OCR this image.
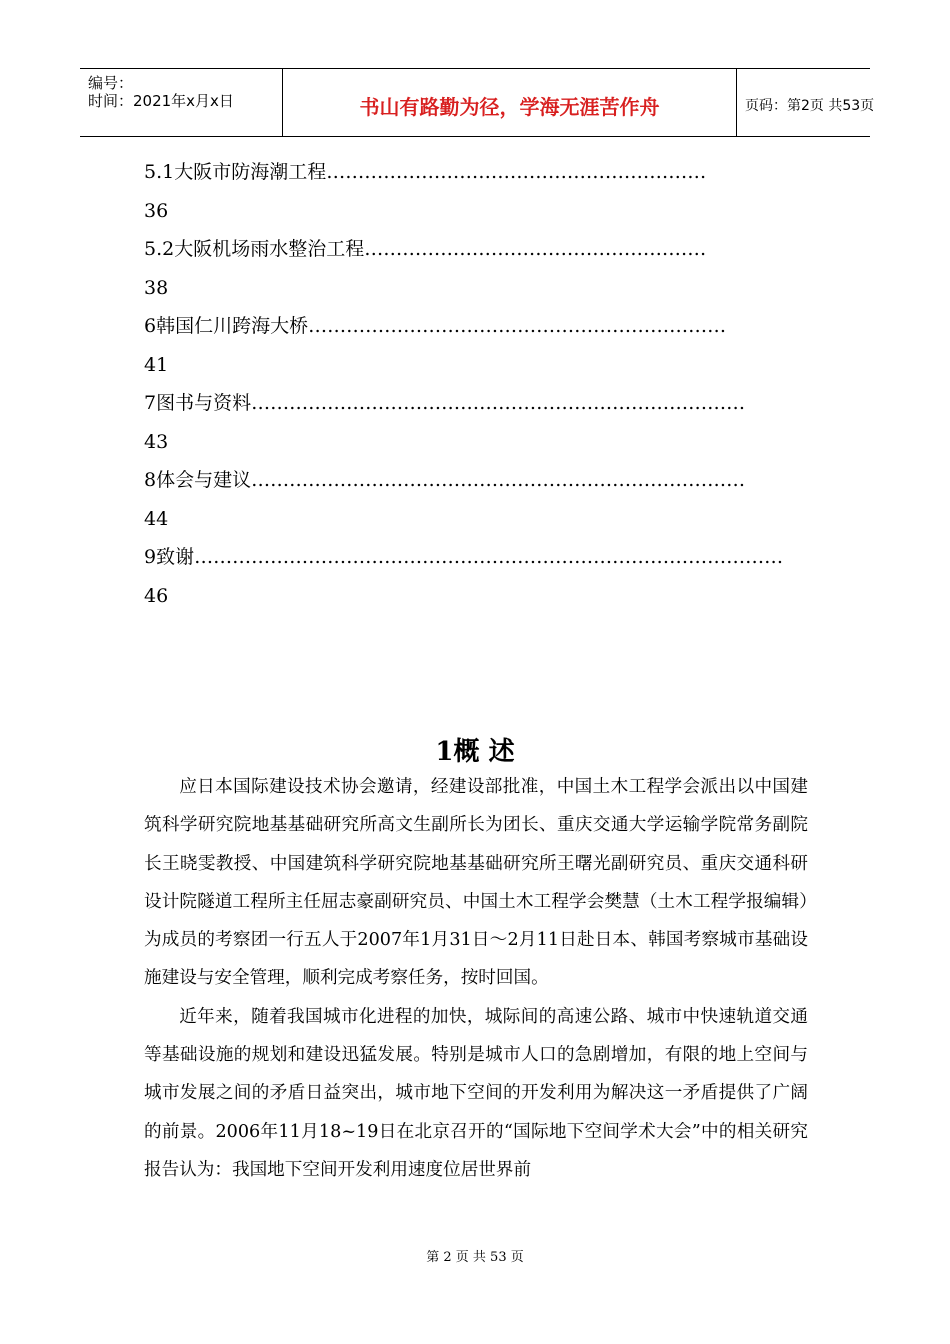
编号：
时间：2021年x月x日	书山有路勤为径，学海无涯苦作舟	页码：第2页 共53页
5.1大阪市防海潮工程……………………………………………………
36
5.2大阪机场雨水整治工程………………………………………………
38
6韩国仁川跨海大桥…………………………………………………………
41
7图书与资料……………………………………………………………………
43
8体会与建议……………………………………………………………………
44
9致谢…………………………………………………………………………………
46
1概 述

应日本国际建设技术协会邀请，经建设部批准，中国土木工程学会派出以中国建筑科学研究院地基基础研究所高文生副所长为团长、重庆交通大学运输学院常务副院长王晓雯教授、中国建筑科学研究院地基基础研究所王曙光副研究员、重庆交通科研设计院隧道工程所主任屈志豪副研究员、中国土木工程学会樊慧（土木工程学报编辑）为成员的考察团一行五人于2007年1月31日～2月11日赴日本、韩国考察城市基础设施建设与安全管理，顺利完成考察任务，按时回国。

近年来，随着我国城市化进程的加快，城际间的高速公路、城市中快速轨道交通等基础设施的规划和建设迅猛发展。特别是城市人口的急剧增加，有限的地上空间与城市发展之间的矛盾日益突出，城市地下空间的开发利用为解决这一矛盾提供了广阔的前景。2006年11月18~19日在北京召开的“国际地下空间学术大会”中的相关研究报告认为：我国地下空间开发利用速度位居世界前

第 2 页 共 53 页
